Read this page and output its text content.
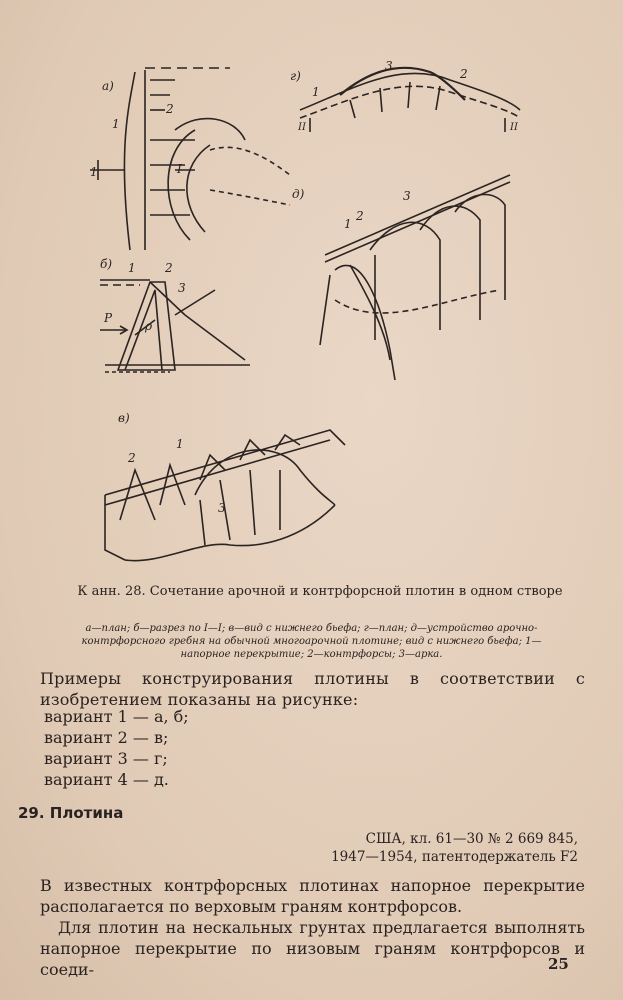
а)
1
2
1	I
б) 1 2
3
P
ρ
г)
1
3
2
II	II
д)
1
2
3
в)
1
2
3
К анн. 28. Сочетание арочной и контрфорсной плотин в одном створе
а—план; б—разрез по I—I; в—вид с нижнего бьефа; г—план; д—устройство арочно-контрфорсного гребня на обычной многоарочной плотине; вид с нижнего бьефа; 1—напорное перекрытие; 2—контрфорсы; 3—арка.
Примеры конструирования плотины в соответствии с изобретением показаны на рисунке:
вариант 1 — а, б;
вариант 2 — в;
вариант 3 — г;
вариант 4 — д.
29. Плотина
США, кл. 61—30 № 2 669 845,
1947—1954, патентодержатель F2
В известных контрфорсных плотинах напорное перекрытие располагается по верховым граням контрфорсов.
Для плотин на нескальных грунтах предлагается выполнять напорное перекрытие по низовым граням контрфорсов и соеди-	25
